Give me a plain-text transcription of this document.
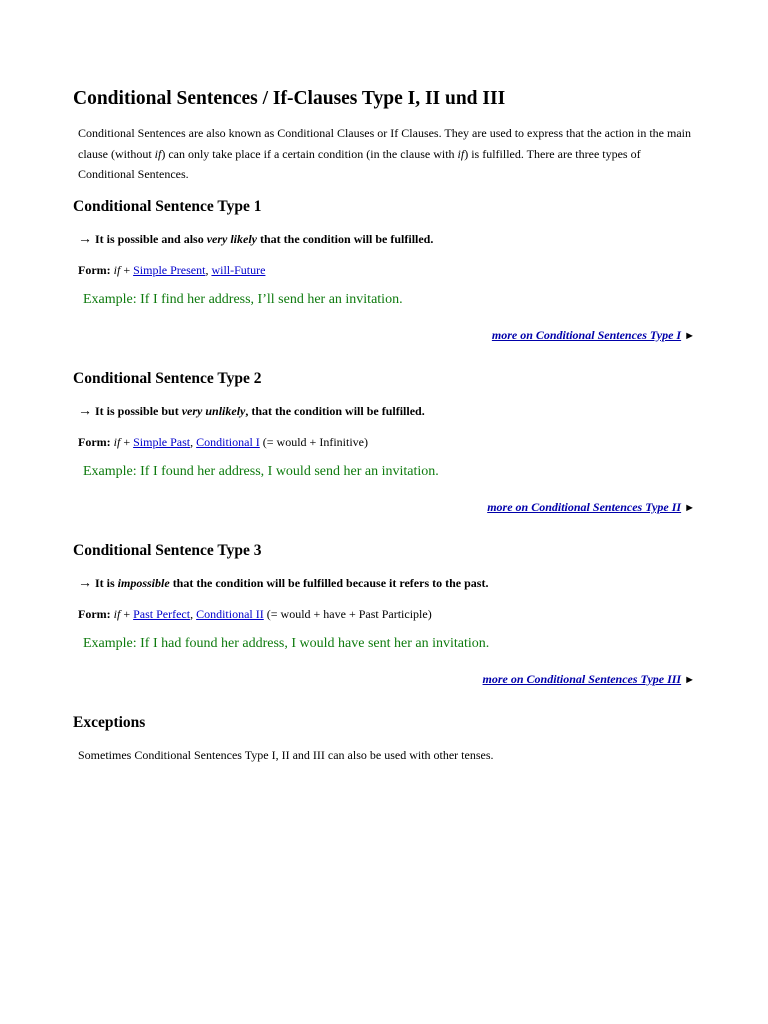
Conditional Sentences / If-Clauses Type I, II und III

Conditional Sentences are also known as Conditional Clauses or If Clauses. They are used to express that the action in the main clause (without if) can only take place if a certain condition (in the clause with if) is fulfilled. There are three types of Conditional Sentences.

Conditional Sentence Type 1

→ It is possible and also very likely that the condition will be fulfilled.

Form: if + Simple Present, will-Future

Example: If I find her address, I’ll send her an invitation.

more on Conditional Sentences Type I ►

Conditional Sentence Type 2

→ It is possible but very unlikely, that the condition will be fulfilled.

Form: if + Simple Past, Conditional I (= would + Infinitive)

Example: If I found her address, I would send her an invitation.

more on Conditional Sentences Type II ►

Conditional Sentence Type 3

→ It is impossible that the condition will be fulfilled because it refers to the past.

Form: if + Past Perfect, Conditional II (= would + have + Past Participle)

Example: If I had found her address, I would have sent her an invitation.

more on Conditional Sentences Type III ►

Exceptions

Sometimes Conditional Sentences Type I, II and III can also be used with other tenses.
